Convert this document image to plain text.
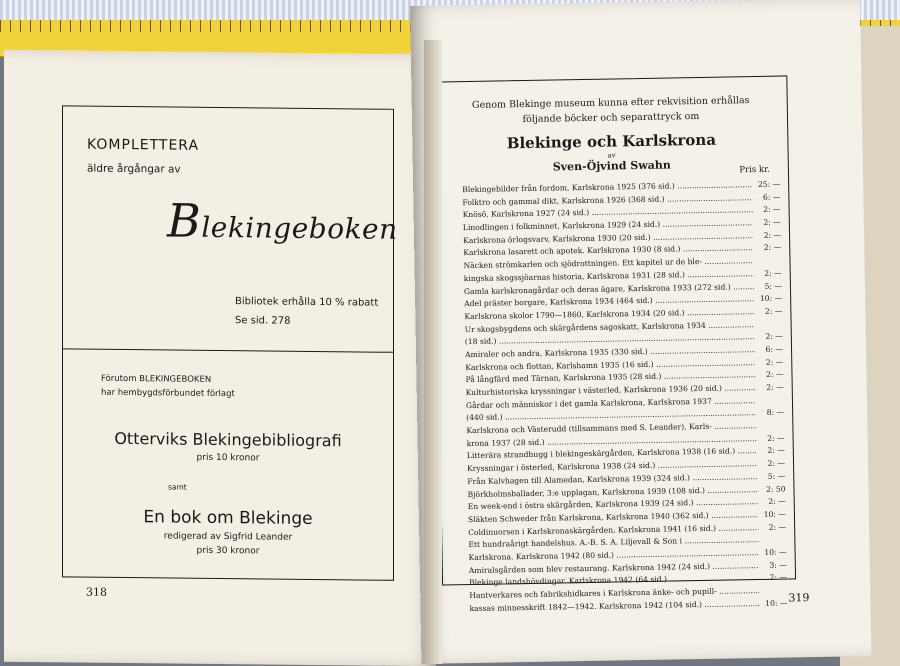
KOMPLETTERA
äldre årgångar av
Blekingeboken
Bibliotek erhålla 10 % rabatt
Se sid. 278
Förutom BLEKINGEBOKEN
har hembygdsförbundet förlagt
Otterviks Blekingebibliografi
pris 10 kronor
samt
En bok om Blekinge
redigerad av Sigfrid Leander
pris 30 kronor
318
Genom Blekinge museum kunna efter rekvisition erhållas
följande böcker och separattryck om
Blekinge och Karlskrona
av
Sven-Öjvind Swahn	Pris kr.
Blekingebilder från fordom, Karlskrona 1925 (376 sid.) .....	25: —
Folktro och gammal dikt, Karlskrona 1926 (368 sid.) .....	6: —
Knösö, Karlskrona 1927 (24 sid.) .....	2: —
Linodlingen i folkminnet, Karlskrona 1929 (24 sid.) .....	2: —
Karlskrona örlogsvarv, Karlskrona 1930 (20 sid.) .....	2: —
Karlskrona lasarett och apotek. Karlskrona 1930 (8 sid.) .....	2: —
Näcken strömkarlen och sjödrottningen. Ett kapitel ur de ble- .....
kingska skogssjöarnas historia, Karlskrona 1931 (28 sid.) .....	2: —
Gamla karlskronagårdar och deras ägare, Karlskrona 1933 (272 sid.) .....	5: —
Adel präster borgare, Karlskrona 1934 (464 sid.) .....	10: —
Karlskrona skolor 1790—1860, Karlskrona 1934 (20 sid.) .....	2: —
Ur skogsbygdens och skärgårdens sagoskatt, Karlskrona 1934 .....
(18 sid.) .....
2: —
Amiraler och andra, Karlskrona 1935 (330 sid.) .....	6: —
Karlskrona och flottan, Karlshamn 1935 (16 sid.) .....	2: —
På långfärd med Tärnan, Karlskrona 1935 (28 sid.) .....	2: —
Kulturhistoriska kryssningar i västerled, Karlskrona 1936 (20 sid.) .....	2: —
Gårdar och människor i det gamla Karlskrona, Karlskrona 1937 .....
(440 sid.) .....
8: —
Karlskrona och Västerudd (tillsammans med S. Leander), Karls- .....
krona 1937 (28 sid.) .....	2: —
Litterära strandhugg i blekingeskärgården, Karlskrona 1938 (16 sid.) .....	2: —
Kryssningar i österled, Karlskrona 1938 (24 sid.) .....	2: —
Från Kalvhagen till Alamedan, Karlskrona 1939 (324 sid.) .....	5: —
Björkholmsballader, 3:e upplagan, Karlskrona 1939 (108 sid.) .....	2: 50
En week-end i östra skärgården, Karlskrona 1939 (24 sid.) .....	2: —
Släkten Schweder från Karlskrona, Karlskrona 1940 (362 sid.) .....	10: —
Coldinuorsen i Karlskronaskärgården, Karlskrona 1941 (16 sid.) .....	2: —
Ett hundraårigt handelshus. A.-B. S. A. Liljevall & Son i .....
Karlskrona. Karlskrona 1942 (80 sid.) .....	10: —
Amiralsgården som blev restaurang. Karlskrona 1942 (24 sid.) .....	3: —
Blekinge landshövdingar. Karlskrona 1942 (64 sid.) .....	2: —
Hantverkares och fabrikshidkares i Karlskrona änke- och pupill- .....
kassas minnesskrift 1842—1942. Karlskrona 1942 (104 sid.) .....	10: — 319
